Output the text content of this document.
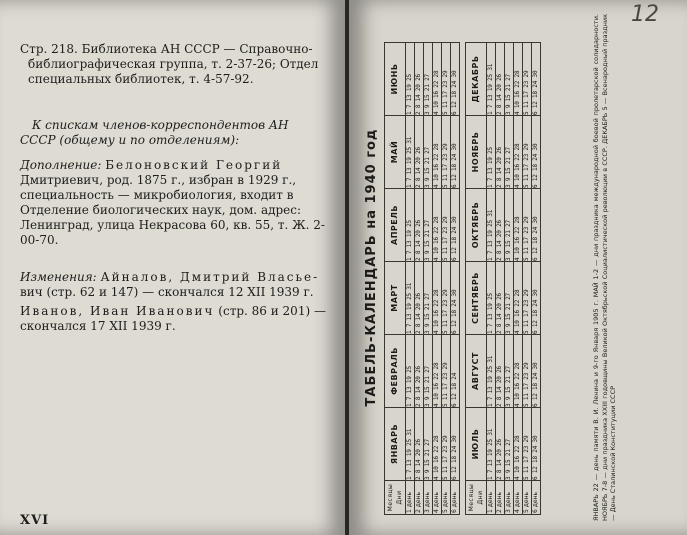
Стр. 218. Библиотека АН СССР — Справочно-библиографическая группа, т. 2-37-26; Отдел специальных библиотек, т. 4-57-92.

К спискам членов-корреспондентов АН СССР (общему и по отделениям):

Дополнение: Белоновский Георгий Дмитриевич, род. 1875 г., избран в 1929 г., специальность — микробиология, входит в Отделение биологических наук, дом. адрес: Ленинград, улица Некрасова 60, кв. 55, т. Ж. 2-00-70.

Изменения: Айналов, Дмитрий Власье- вич (стр. 62 и 147) — скончался 12 XII 1939 г.

Иванов, Иван Иванович (стр. 86 и 201) — скончался 17 XII 1939 г.

XVI
12
ТАБЕЛЬ-КАЛЕНДАРЬ на 1940 год
Месяцы Дни	ЯНВАРЬ	ФЕВРАЛЬ	МАРТ	АПРЕЛЬ	МАЙ	ИЮНЬ
1 день	1 7 13 19 25 31	1 7 13 19 25	1 7 13 19 25 31	1 7 13 19 25	1 7 13 19 25 31	1 7 13 19 25
2 день	2 8 14 20 26	2 8 14 20 26	2 8 14 20 26	2 8 14 20 26	2 8 14 20 26	2 8 14 20 26
3 день	3 9 15 21 27	3 9 15 21 27	3 9 15 21 27	3 9 15 21 27	3 9 15 21 27	3 9 15 21 27
4 день	4 10 16 22 28	4 10 16 22 28	4 10 16 22 28	4 10 16 22 28	4 10 16 22 28	4 10 16 22 28
5 день	5 11 17 23 29	5 11 17 23 29	5 11 17 23 29	5 11 17 23 29	5 11 17 23 29	5 11 17 23 29
6 день	6 12 18 24 30	6 12 18 24	6 12 18 24 30	6 12 18 24 30	6 12 18 24 30	6 12 18 24 30

Месяцы Дни	ИЮЛЬ	АВГУСТ	СЕНТЯБРЬ	ОКТЯБРЬ	НОЯБРЬ	ДЕКАБРЬ
1 день	1 7 13 19 25 31	1 7 13 19 25 31	1 7 13 19 25	1 7 13 19 25 31	1 7 13 19 25	1 7 13 19 25 31
2 день	2 8 14 20 26	2 8 14 20 26	2 8 14 20 26	2 8 14 20 26	2 8 14 20 26	2 8 14 20 26
3 день	3 9 15 21 27	3 9 15 21 27	3 9 15 21 27	3 9 15 21 27	3 9 15 21 27	3 9 15 21 27
4 день	4 10 16 22 28	4 10 16 22 28	4 10 16 22 28	4 10 16 22 28	4 10 16 22 28	4 10 16 22 28
5 день	5 11 17 23 29	5 11 17 23 29	5 11 17 23 29	5 11 17 23 29	5 11 17 23 29	5 11 17 23 29
6 день	6 12 18 24 30	6 12 18 24 30	6 12 18 24 30	6 12 18 24 30	6 12 18 24 30	6 12 18 24 30	ЯНВАРЬ 22 — день памяти В. И. Ленина и 9-го Января 1905 г. МАЙ 1-2 — дни праздника международной боевой пролетарской солидарности. НОЯБРЬ 7-8 — дни праздника XXIII годовщины Великой Октябрьской Социалистической революции в СССР. ДЕКАБРЬ 5 — Всенародный праздник — День Сталинской Конституции СССР
